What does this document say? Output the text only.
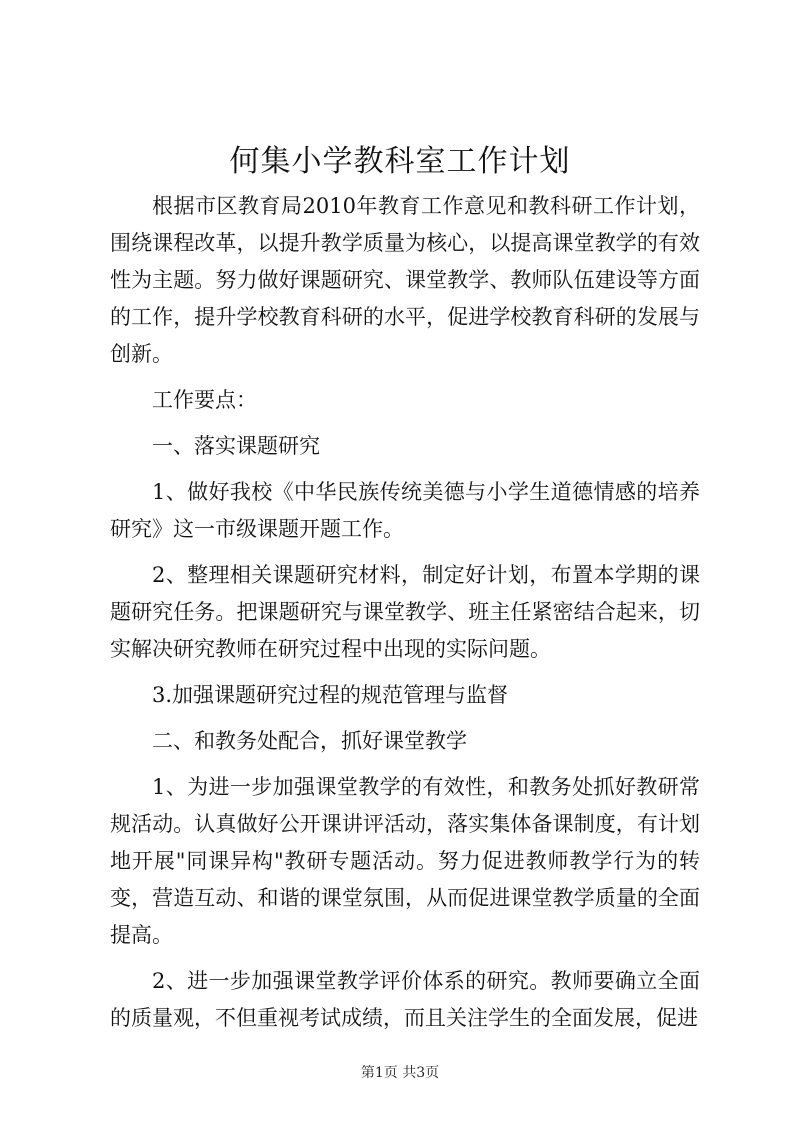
何集小学教科室工作计划

根据市区教育局2010年教育工作意见和教科研工作计划，围绕课程改革，以提升教学质量为核心，以提高课堂教学的有效性为主题。努力做好课题研究、课堂教学、教师队伍建设等方面的工作，提升学校教育科研的水平，促进学校教育科研的发展与创新。

工作要点：

一、落实课题研究

1、做好我校《中华民族传统美德与小学生道德情感的培养研究》这一市级课题开题工作。

2、整理相关课题研究材料，制定好计划，布置本学期的课题研究任务。把课题研究与课堂教学、班主任紧密结合起来，切实解决研究教师在研究过程中出现的实际问题。

3.加强课题研究过程的规范管理与监督

二、和教务处配合，抓好课堂教学

1、为进一步加强课堂教学的有效性，和教务处抓好教研常规活动。认真做好公开课讲评活动，落实集体备课制度，有计划地开展"同课异构"教研专题活动。努力促进教师教学行为的转变，营造互动、和谐的课堂氛围，从而促进课堂教学质量的全面提高。

2、进一步加强课堂教学评价体系的研究。教师要确立全面的质量观，不但重视考试成绩，而且关注学生的全面发展，促进

第1页 共3页
